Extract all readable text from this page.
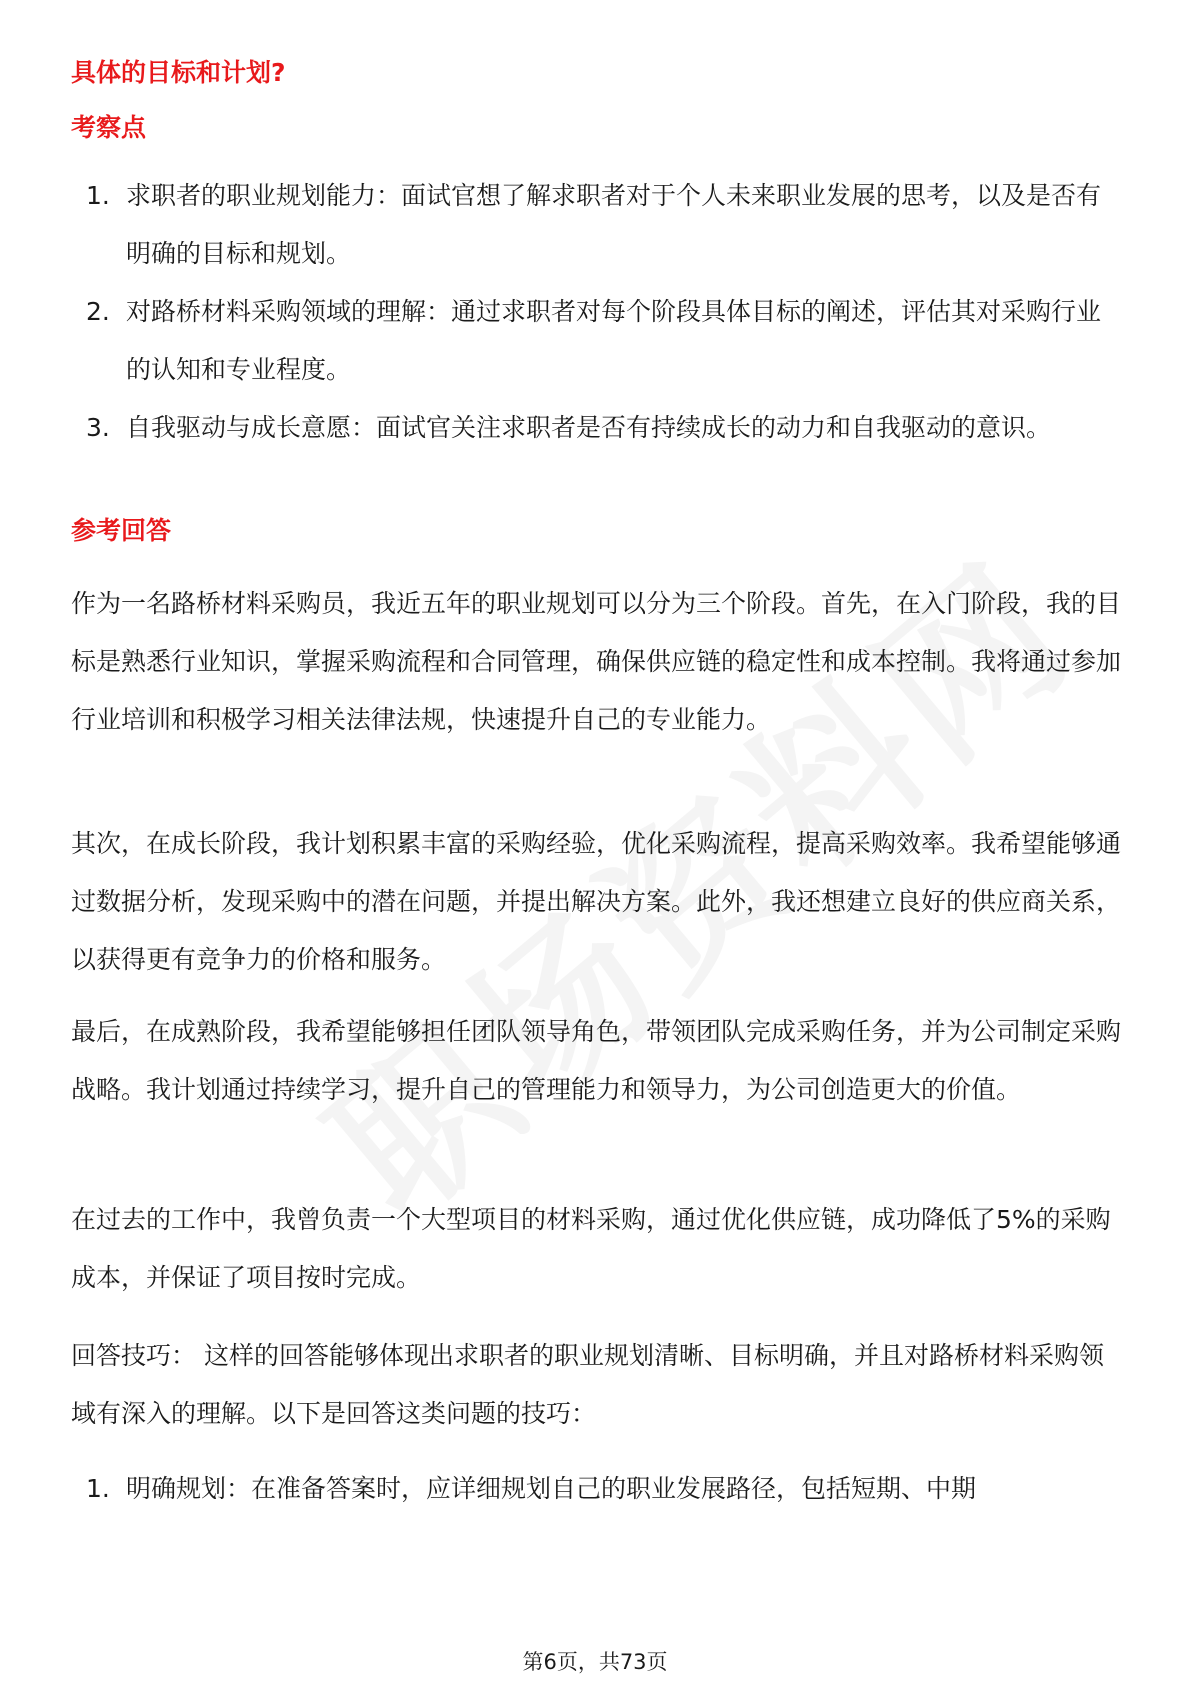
具体的目标和计划?
考察点
1. 求职者的职业规划能力：面试官想了解求职者对于个人未来职业发展的思考，以及是否有明确的目标和规划。
2. 对路桥材料采购领域的理解：通过求职者对每个阶段具体目标的阐述，评估其对采购行业的认知和专业程度。
3. 自我驱动与成长意愿：面试官关注求职者是否有持续成长的动力和自我驱动的意识。
参考回答

作为一名路桥材料采购员，我近五年的职业规划可以分为三个阶段。首先，在入门阶段，我的目标是熟悉行业知识，掌握采购流程和合同管理，确保供应链的稳定性和成本控制。我将通过参加行业培训和积极学习相关法律法规，快速提升自己的专业能力。

其次，在成长阶段，我计划积累丰富的采购经验，优化采购流程，提高采购效率。我希望能够通过数据分析，发现采购中的潜在问题，并提出解决方案。此外，我还想建立良好的供应商关系，以获得更有竞争力的价格和服务。

最后，在成熟阶段，我希望能够担任团队领导角色，带领团队完成采购任务，并为公司制定采购战略。我计划通过持续学习，提升自己的管理能力和领导力，为公司创造更大的价值。

在过去的工作中，我曾负责一个大型项目的材料采购，通过优化供应链，成功降低了5%的采购成本，并保证了项目按时完成。

回答技巧： 这样的回答能够体现出求职者的职业规划清晰、目标明确，并且对路桥材料采购领域有深入的理解。以下是回答这类问题的技巧：

1. 明确规划：在准备答案时，应详细规划自己的职业发展路径，包括短期、中期
第6页，共73页
